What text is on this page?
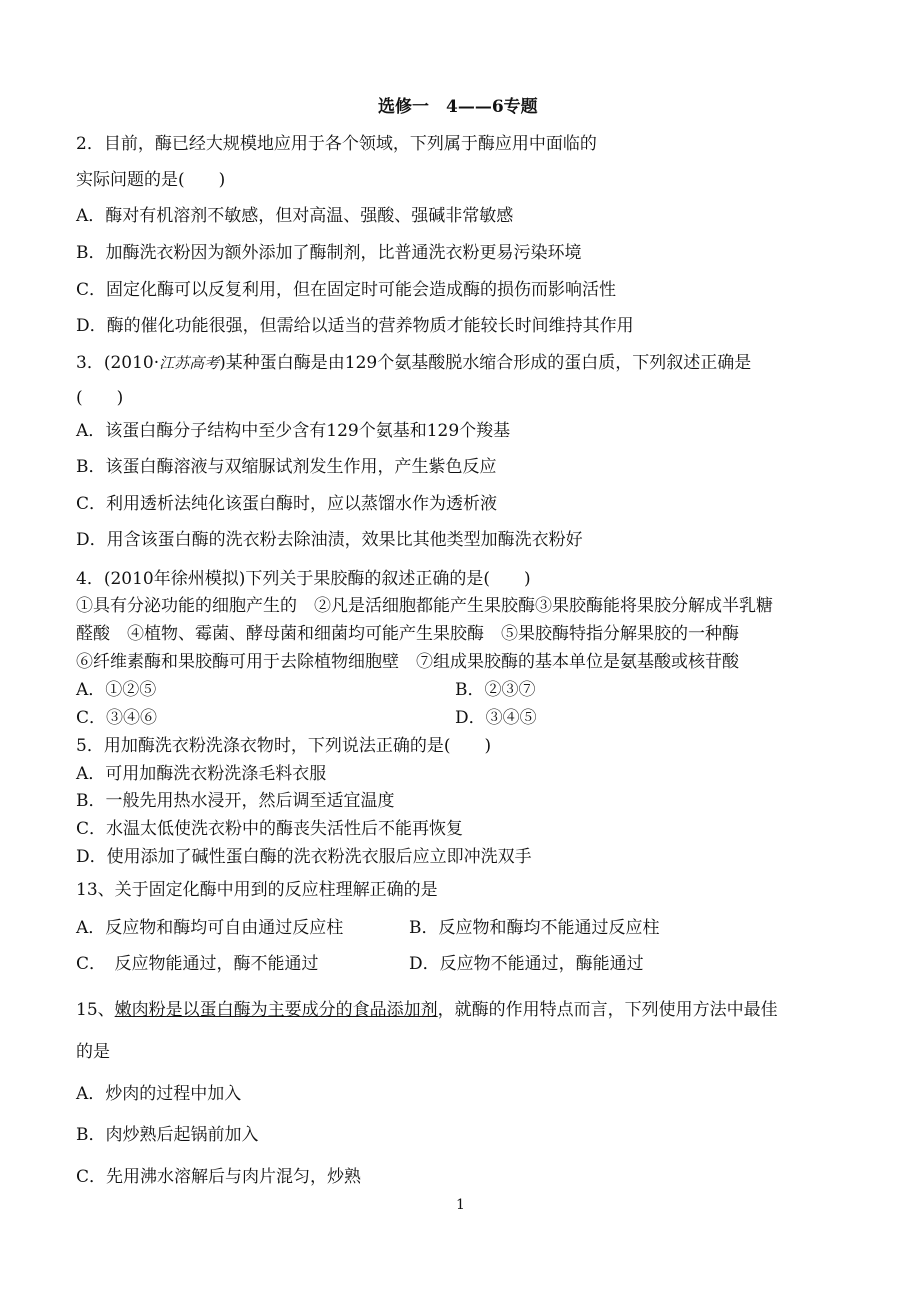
选修一　4——6专题
2．目前，酶已经大规模地应用于各个领域，下列属于酶应用中面临的
实际问题的是(　　)
A．酶对有机溶剂不敏感，但对高温、强酸、强碱非常敏感
B．加酶洗衣粉因为额外添加了酶制剂，比普通洗衣粉更易污染环境
C．固定化酶可以反复利用，但在固定时可能会造成酶的损伤而影响活性
D．酶的催化功能很强，但需给以适当的营养物质才能较长时间维持其作用
3．(2010·江苏高考)某种蛋白酶是由129个氨基酸脱水缩合形成的蛋白质，下列叙述正确是
(　　)
A．该蛋白酶分子结构中至少含有129个氨基和129个羧基
B．该蛋白酶溶液与双缩脲试剂发生作用，产生紫色反应
C．利用透析法纯化该蛋白酶时，应以蒸馏水作为透析液
D．用含该蛋白酶的洗衣粉去除油渍，效果比其他类型加酶洗衣粉好
4．(2010年徐州模拟)下列关于果胶酶的叙述正确的是(　　)
①具有分泌功能的细胞产生的　②凡是活细胞都能产生果胶酶③果胶酶能将果胶分解成半乳糖
醛酸　④植物、霉菌、酵母菌和细菌均可能产生果胶酶　⑤果胶酶特指分解果胶的一种酶
⑥纤维素酶和果胶酶可用于去除植物细胞壁　⑦组成果胶酶的基本单位是氨基酸或核苷酸
A．①②⑤	B．②③⑦
C．③④⑥	D．③④⑤
5．用加酶洗衣粉洗涤衣物时，下列说法正确的是(　　)
A．可用加酶洗衣粉洗涤毛料衣服
B．一般先用热水浸开，然后调至适宜温度
C．水温太低使洗衣粉中的酶丧失活性后不能再恢复
D．使用添加了碱性蛋白酶的洗衣粉洗衣服后应立即冲洗双手
13、关于固定化酶中用到的反应柱理解正确的是
A．反应物和酶均可自由通过反应柱	B．反应物和酶均不能通过反应柱
C．　反应物能通过，酶不能通过	D．反应物不能通过，酶能通过
15、嫩肉粉是以蛋白酶为主要成分的食品添加剂，就酶的作用特点而言，下列使用方法中最佳
的是
A．炒肉的过程中加入
B．肉炒熟后起锅前加入
C．先用沸水溶解后与肉片混匀，炒熟
1
